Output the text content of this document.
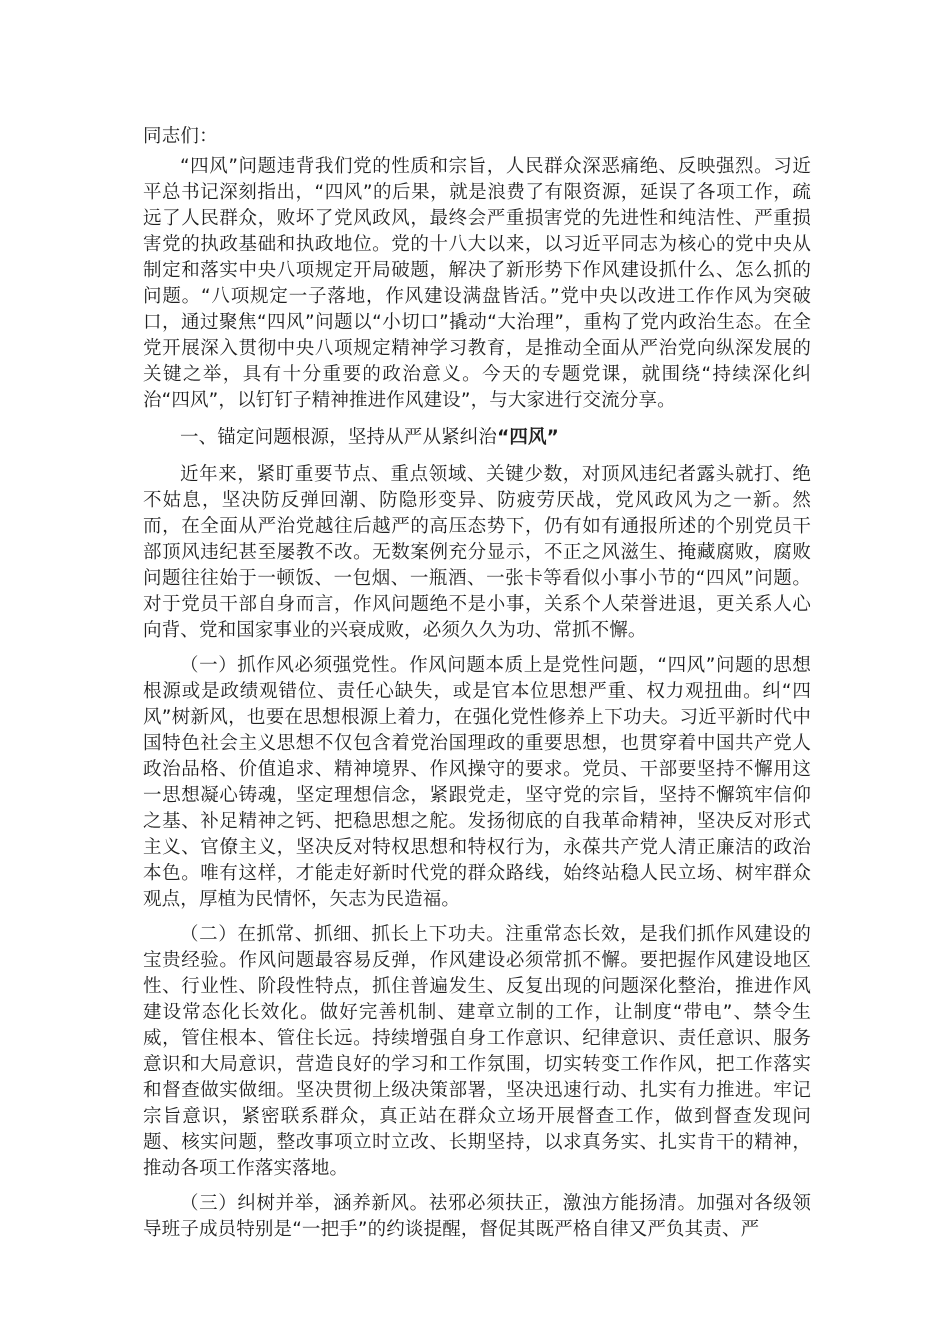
同志们：

“四风”问题违背我们党的性质和宗旨，人民群众深恶痛绝、反映强烈。习近平总书记深刻指出，“四风”的后果，就是浪费了有限资源，延误了各项工作，疏远了人民群众，败坏了党风政风，最终会严重损害党的先进性和纯洁性、严重损害党的执政基础和执政地位。党的十八大以来，以习近平同志为核心的党中央从制定和落实中央八项规定开局破题，解决了新形势下作风建设抓什么、怎么抓的问题。“八项规定一子落地，作风建设满盘皆活。”党中央以改进工作作风为突破口，通过聚焦“四风”问题以“小切口”撬动“大治理”，重构了党内政治生态。在全党开展深入贯彻中央八项规定精神学习教育，是推动全面从严治党向纵深发展的关键之举，具有十分重要的政治意义。今天的专题党课，就围绕“持续深化纠治“四风”，以钉钉子精神推进作风建设”，与大家进行交流分享。

一、锚定问题根源，坚持从严从紧纠治“四风”

近年来，紧盯重要节点、重点领域、关键少数，对顶风违纪者露头就打、绝不姑息，坚决防反弹回潮、防隐形变异、防疲劳厌战，党风政风为之一新。然而，在全面从严治党越往后越严的高压态势下，仍有如有通报所述的个别党员干部顶风违纪甚至屡教不改。无数案例充分显示，不正之风滋生、掩藏腐败，腐败问题往往始于一顿饭、一包烟、一瓶酒、一张卡等看似小事小节的“四风”问题。对于党员干部自身而言，作风问题绝不是小事，关系个人荣誉进退，更关系人心向背、党和国家事业的兴衰成败，必须久久为功、常抓不懈。

（一）抓作风必须强党性。作风问题本质上是党性问题，“四风”问题的思想根源或是政绩观错位、责任心缺失，或是官本位思想严重、权力观扭曲。纠“四风”树新风，也要在思想根源上着力，在强化党性修养上下功夫。习近平新时代中国特色社会主义思想不仅包含着党治国理政的重要思想，也贯穿着中国共产党人政治品格、价值追求、精神境界、作风操守的要求。党员、干部要坚持不懈用这一思想凝心铸魂，坚定理想信念，紧跟党走，坚守党的宗旨，坚持不懈筑牢信仰之基、补足精神之钙、把稳思想之舵。发扬彻底的自我革命精神，坚决反对形式主义、官僚主义，坚决反对特权思想和特权行为，永葆共产党人清正廉洁的政治本色。唯有这样，才能走好新时代党的群众路线，始终站稳人民立场、树牢群众观点，厚植为民情怀，矢志为民造福。

（二）在抓常、抓细、抓长上下功夫。注重常态长效，是我们抓作风建设的宝贵经验。作风问题最容易反弹，作风建设必须常抓不懈。要把握作风建设地区性、行业性、阶段性特点，抓住普遍发生、反复出现的问题深化整治，推进作风建设常态化长效化。做好完善机制、建章立制的工作，让制度“带电”、禁令生威，管住根本、管住长远。持续增强自身工作意识、纪律意识、责任意识、服务意识和大局意识，营造良好的学习和工作氛围，切实转变工作作风，把工作落实和督查做实做细。坚决贯彻上级决策部署，坚决迅速行动、扎实有力推进。牢记宗旨意识，紧密联系群众，真正站在群众立场开展督查工作，做到督查发现问题、核实问题，整改事项立时立改、长期坚持，以求真务实、扎实肯干的精神，推动各项工作落实落地。

（三）纠树并举，涵养新风。祛邪必须扶正，激浊方能扬清。加强对各级领导班子成员特别是“一把手”的约谈提醒，督促其既严格自律又严负其责、严
